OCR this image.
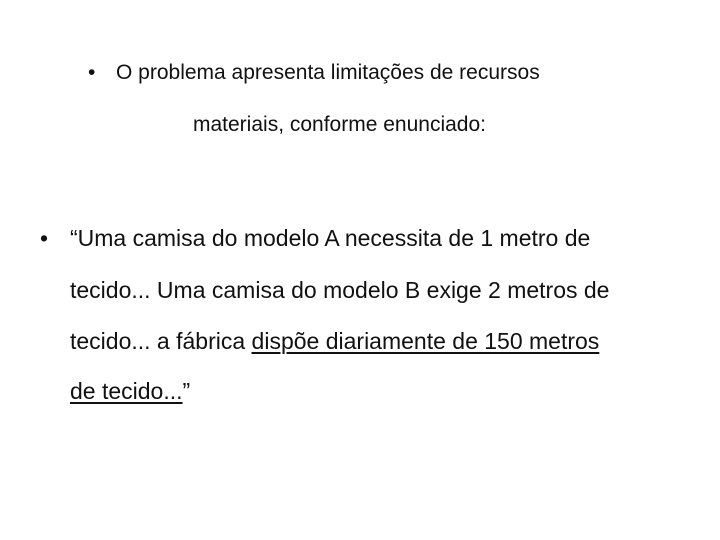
• O problema apresenta limitações de recursos
materiais, conforme enunciado:
• “Uma camisa do modelo A necessita de 1 metro de
tecido... Uma camisa do modelo B exige 2 metros de
tecido... a fábrica dispõe diariamente de 150 metros
de tecido...”
